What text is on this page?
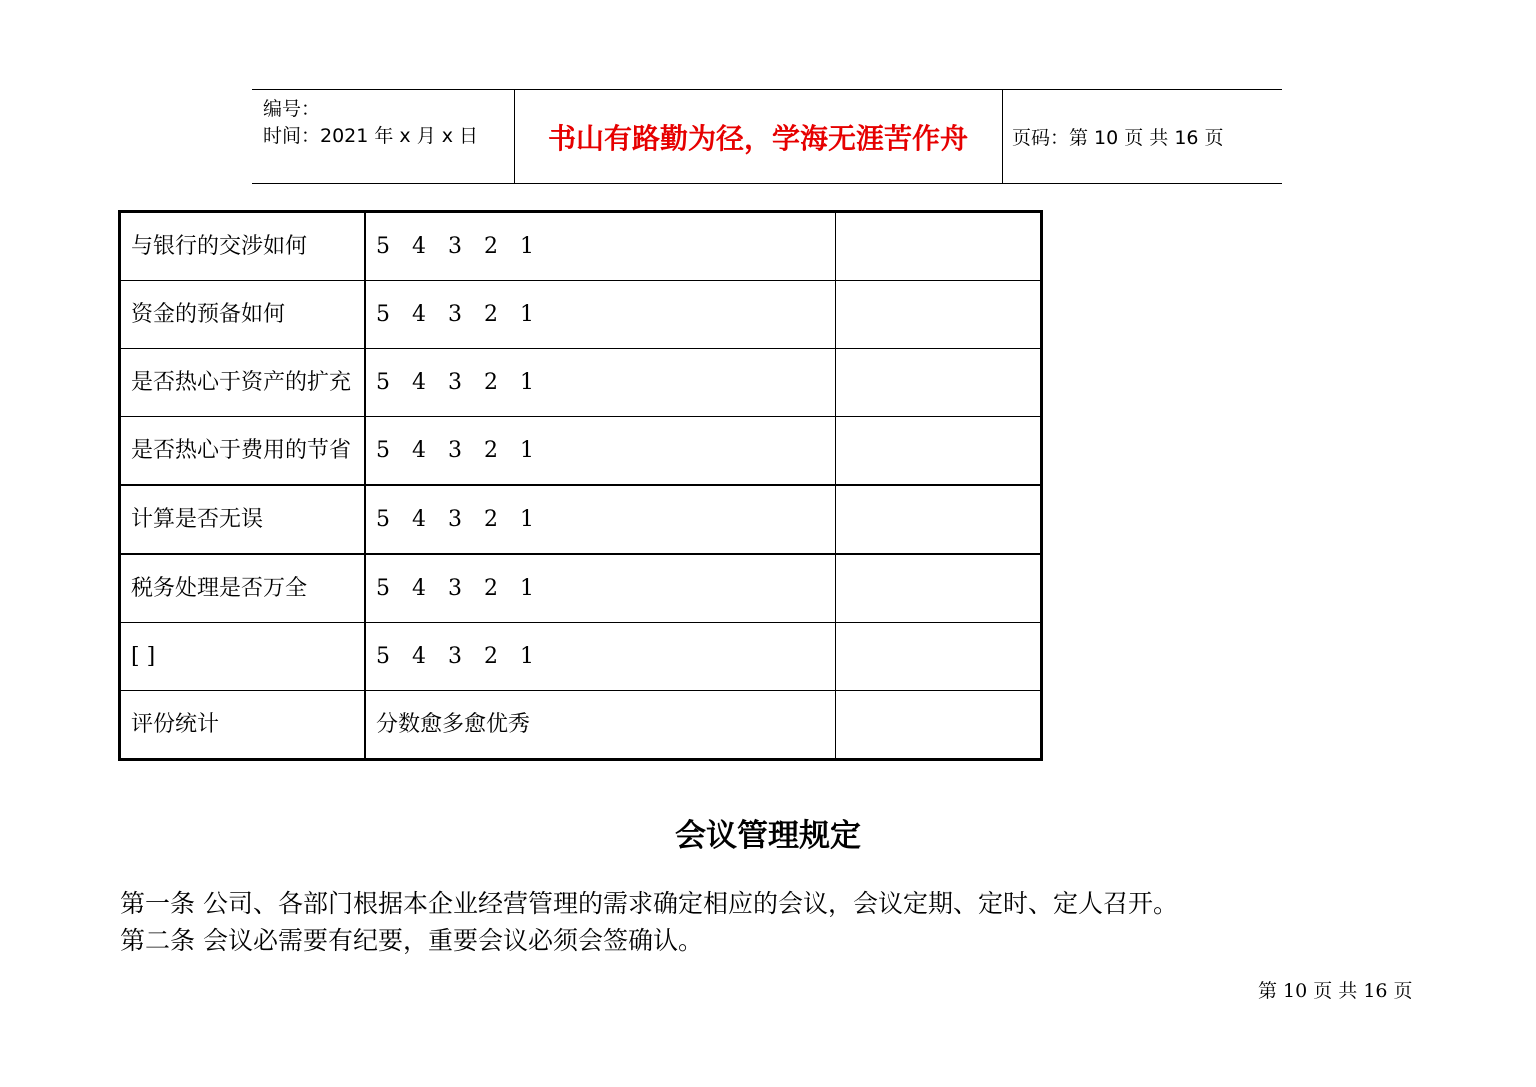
编号：
时间：2021 年 x 月 x 日	书山有路勤为径，学海无涯苦作舟	页码：第 10 页 共 16 页
与银行的交涉如何	5 4 3 2 1	
资金的预备如何	5 4 3 2 1	
是否热心于资产的扩充	5 4 3 2 1	
是否热心于费用的节省	5 4 3 2 1	
计算是否无误	5 4 3 2 1	
税务处理是否万全	5 4 3 2 1	
[ ]	5 4 3 2 1	
评份统计	分数愈多愈优秀	
会议管理规定
第一条 公司、各部门根据本企业经营管理的需求确定相应的会议，会议定期、定时、定人召开。
第二条 会议必需要有纪要，重要会议必须会签确认。
第 10 页 共 16 页
